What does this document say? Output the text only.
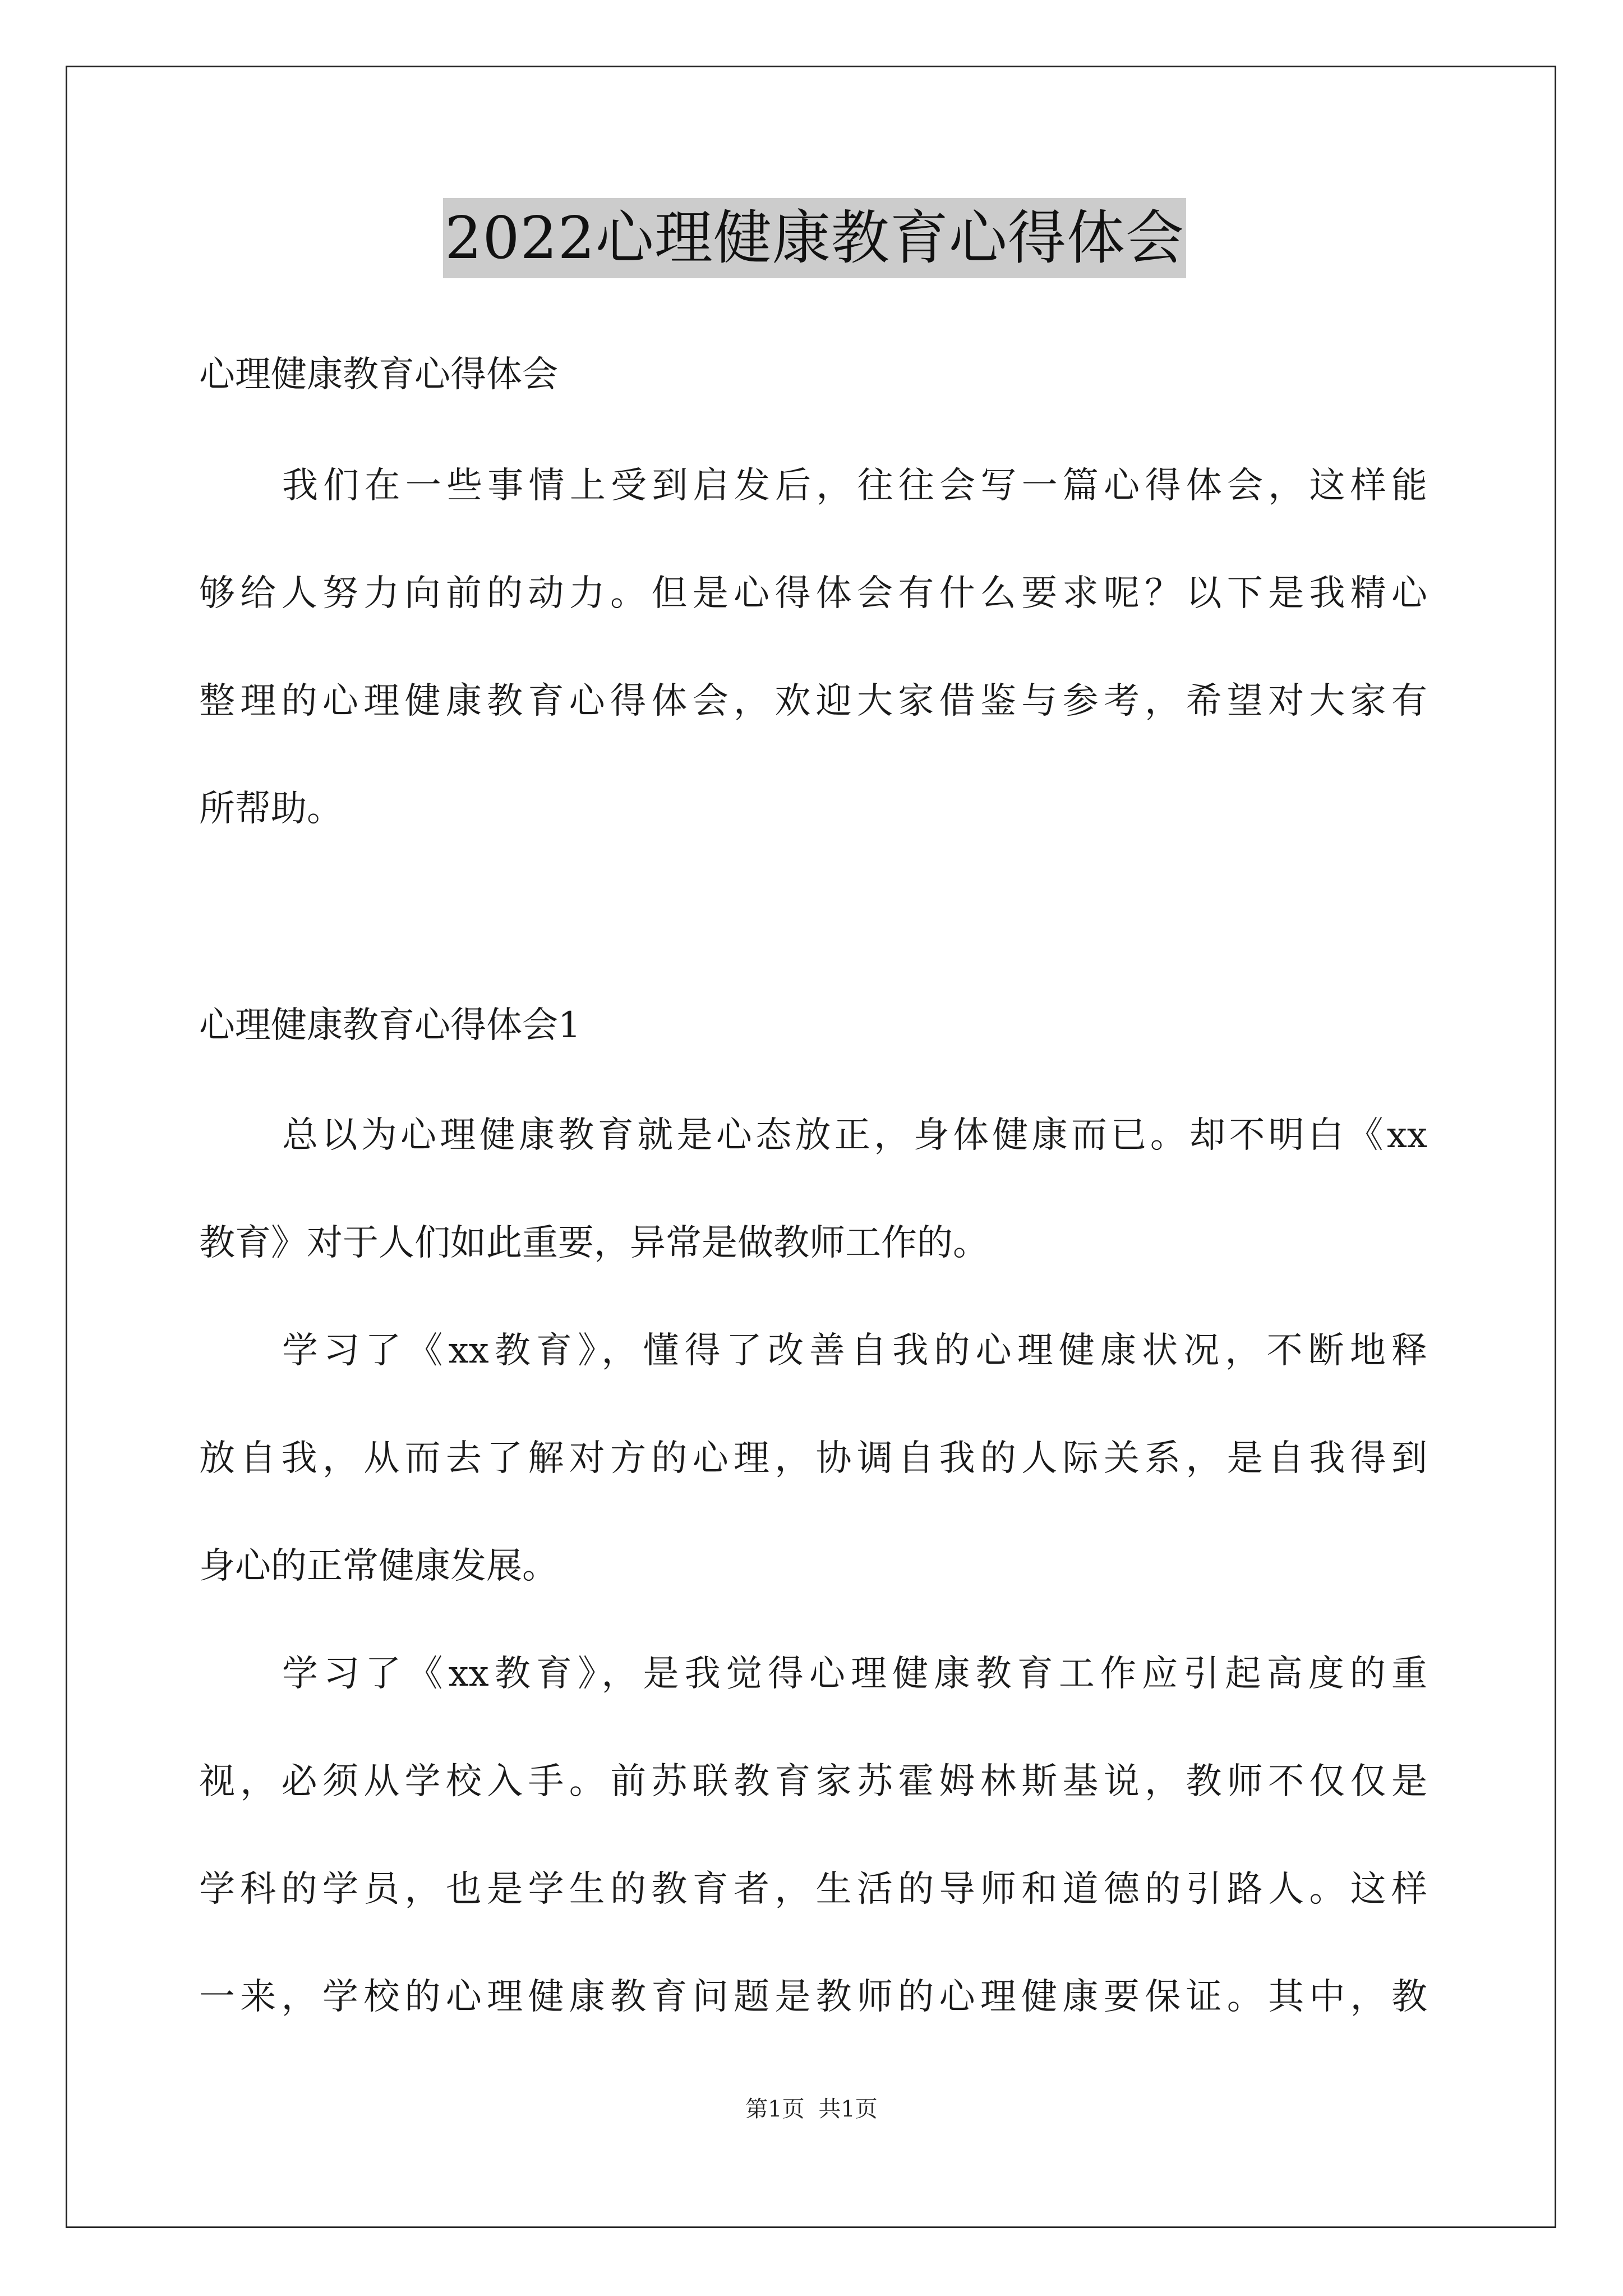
2022心理健康教育心得体会
心理健康教育心得体会
我们在一些事情上受到启发后，往往会写一篇心得体会，这样能
够给人努力向前的动力。但是心得体会有什么要求呢？以下是我精心
整理的心理健康教育心得体会，欢迎大家借鉴与参考，希望对大家有
所帮助。
心理健康教育心得体会1
总以为心理健康教育就是心态放正，身体健康而已。却不明白《xx
教育》对于人们如此重要，异常是做教师工作的。
学习了《xx教育》，懂得了改善自我的心理健康状况，不断地释
放自我，从而去了解对方的心理，协调自我的人际关系，是自我得到
身心的正常健康发展。
学习了《xx教育》，是我觉得心理健康教育工作应引起高度的重
视，必须从学校入手。前苏联教育家苏霍姆林斯基说，教师不仅仅是
学科的学员，也是学生的教育者，生活的导师和道德的引路人。这样
一来，学校的心理健康教育问题是教师的心理健康要保证。其中，教
第1页 共1页
